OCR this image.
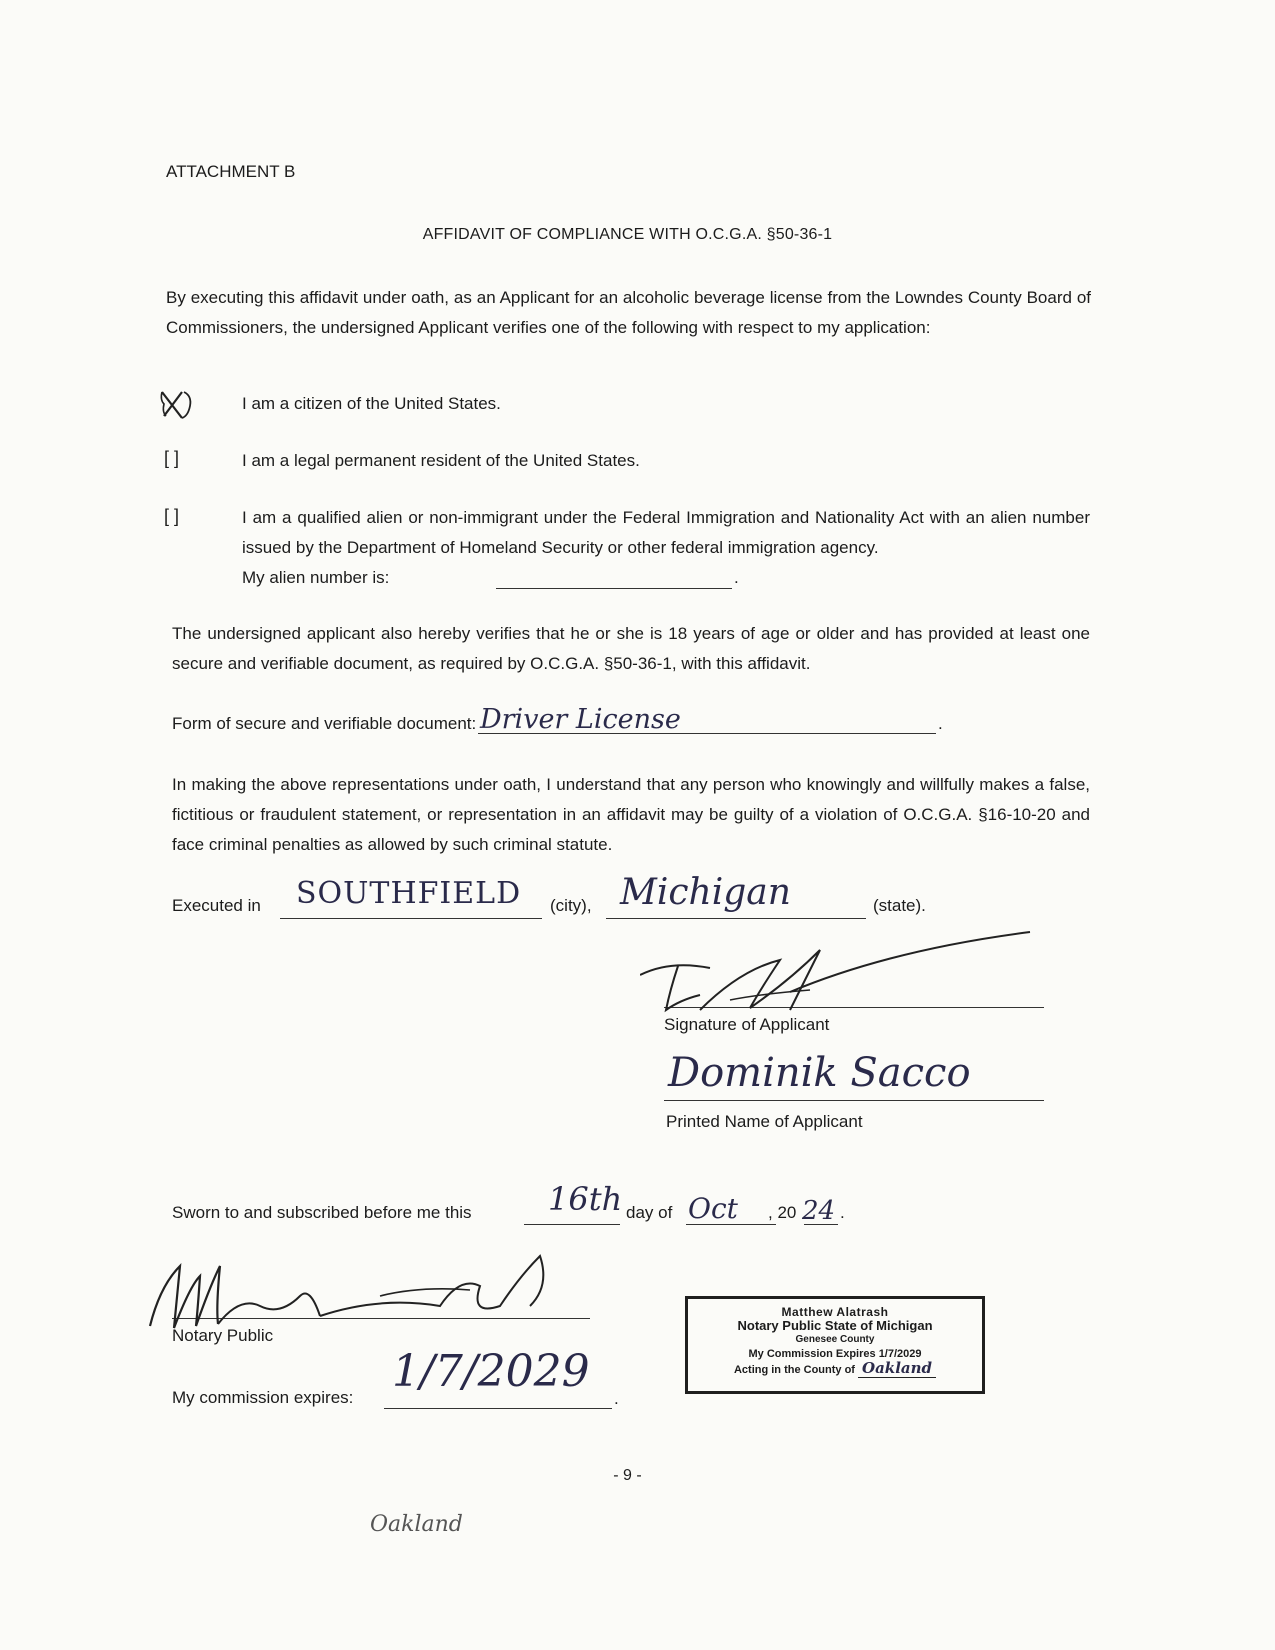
ATTACHMENT B
AFFIDAVIT OF COMPLIANCE WITH O.C.G.A. §50-36-1
By executing this affidavit under oath, as an Applicant for an alcoholic beverage license from the Lowndes County Board of Commissioners, the undersigned Applicant verifies one of the following with respect to my application:
I am a citizen of the United States.
[ ]	I am a legal permanent resident of the United States.
[ ]	I am a qualified alien or non-immigrant under the Federal Immigration and Nationality Act with an alien number issued by the Department of Homeland Security or other federal immigration agency.
My alien number is:	.
The undersigned applicant also hereby verifies that he or she is 18 years of age or older and has provided at least one secure and verifiable document, as required by O.C.G.A. §50-36-1, with this affidavit.
Form of secure and verifiable document: Driver License	.
In making the above representations under oath, I understand that any person who knowingly and willfully makes a false, fictitious or fraudulent statement, or representation in an affidavit may be guilty of a violation of O.C.G.A. §16-10-20 and face criminal penalties as allowed by such criminal statute.
Executed in SOUTHFIELD (city), Michigan	(state).
Signature of Applicant
Dominik Sacco
Printed Name of Applicant
Sworn to and subscribed before me this 16th day of Oct , 20 24 .
Notary Public
My commission expires:
1/7/2029
.
Matthew Alatrash
Notary Public State of Michigan
Genesee County
My Commission Expires 1/7/2029
Acting in the County of Oakland
- 9 -
Oakland
